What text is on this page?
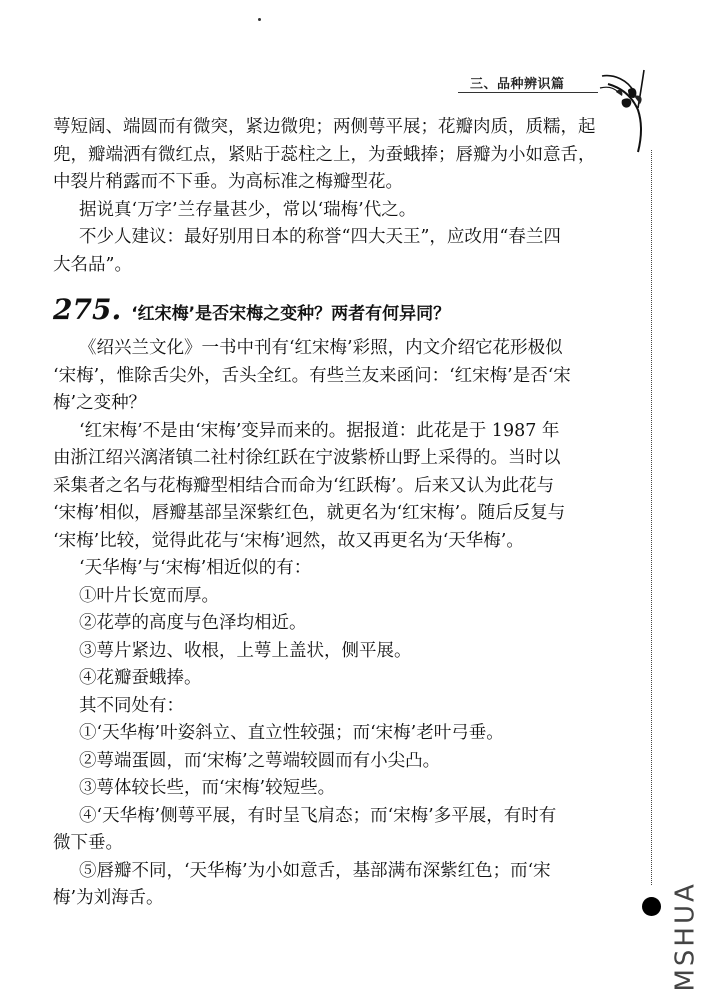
三、品种辨识篇
MSHUA
萼短阔、端圆而有微突，紧边微兜；两侧萼平展；花瓣肉质，质糯，起
兜，瓣端洒有微红点，紧贴于蕊柱之上，为蚕蛾捧；唇瓣为小如意舌，
中裂片稍露而不下垂。为高标准之梅瓣型花。
据说真‘万字’兰存量甚少，常以‘瑞梅’代之。
不少人建议：最好别用日本的称誉“四大天王”，应改用“春兰四
大名品”。
275. ‘红宋梅’是否宋梅之变种？两者有何异同？
《绍兴兰文化》一书中刊有‘红宋梅’彩照，内文介绍它花形极似
‘宋梅’，惟除舌尖外，舌头全红。有些兰友来函问：‘红宋梅’是否‘宋
梅’之变种？
‘红宋梅’不是由‘宋梅’变异而来的。据报道：此花是于 1987 年
由浙江绍兴漓渚镇二社村徐红跃在宁波紫桥山野上采得的。当时以
采集者之名与花梅瓣型相结合而命为‘红跃梅’。后来又认为此花与
‘宋梅’相似，唇瓣基部呈深紫红色，就更名为‘红宋梅’。随后反复与
‘宋梅’比较，觉得此花与‘宋梅’迥然，故又再更名为‘天华梅’。
‘天华梅’与‘宋梅’相近似的有：
①叶片长宽而厚。
②花葶的高度与色泽均相近。
③萼片紧边、收根，上萼上盖状，侧平展。
④花瓣蚕蛾捧。
其不同处有：
①‘天华梅’叶姿斜立、直立性较强；而‘宋梅’老叶弓垂。
②萼端蛋圆，而‘宋梅’之萼端较圆而有小尖凸。
③萼体较长些，而‘宋梅’较短些。
④‘天华梅’侧萼平展，有时呈飞肩态；而‘宋梅’多平展，有时有
微下垂。
⑤唇瓣不同，‘天华梅’为小如意舌，基部满布深紫红色；而‘宋
梅’为刘海舌。
